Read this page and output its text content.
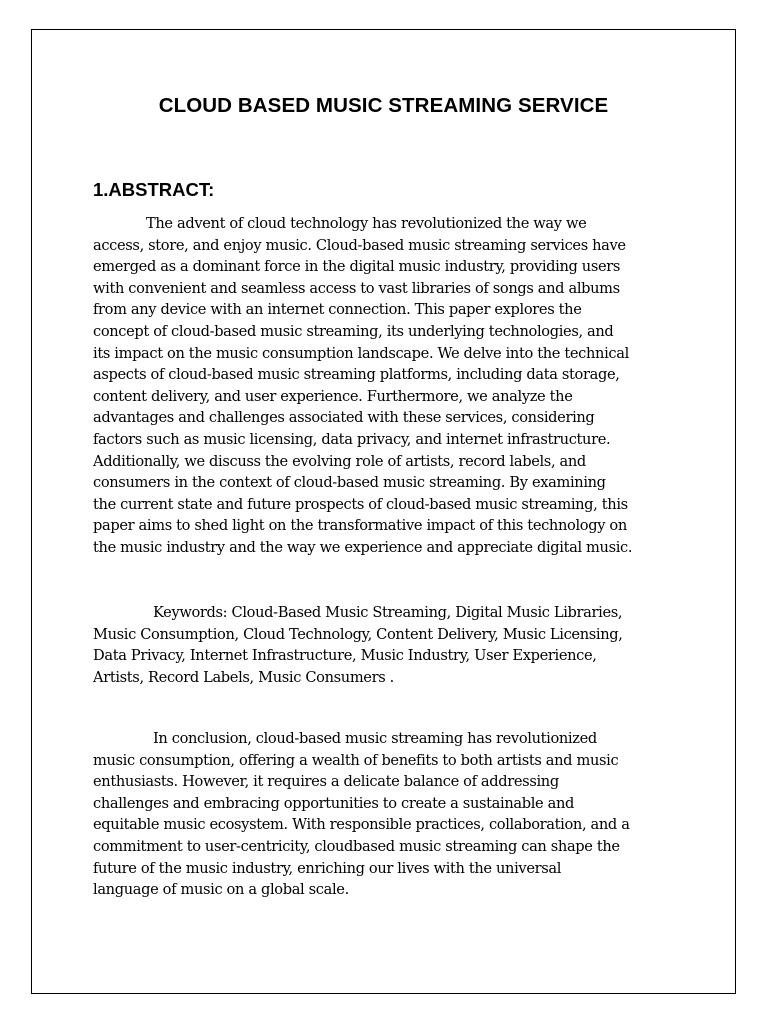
CLOUD BASED MUSIC STREAMING SERVICE
1.ABSTRACT:

The advent of cloud technology has revolutionized the way we
access, store, and enjoy music. Cloud-based music streaming services have
emerged as a dominant force in the digital music industry, providing users
with convenient and seamless access to vast libraries of songs and albums
from any device with an internet connection. This paper explores the
concept of cloud-based music streaming, its underlying technologies, and
its impact on the music consumption landscape. We delve into the technical
aspects of cloud-based music streaming platforms, including data storage,
content delivery, and user experience. Furthermore, we analyze the
advantages and challenges associated with these services, considering
factors such as music licensing, data privacy, and internet infrastructure.
Additionally, we discuss the evolving role of artists, record labels, and
consumers in the context of cloud-based music streaming. By examining
the current state and future prospects of cloud-based music streaming, this
paper aims to shed light on the transformative impact of this technology on
the music industry and the way we experience and appreciate digital music.

Keywords: Cloud-Based Music Streaming, Digital Music Libraries,
Music Consumption, Cloud Technology, Content Delivery, Music Licensing,
Data Privacy, Internet Infrastructure, Music Industry, User Experience,
Artists, Record Labels, Music Consumers .

In conclusion, cloud-based music streaming has revolutionized
music consumption, offering a wealth of benefits to both artists and music
enthusiasts. However, it requires a delicate balance of addressing
challenges and embracing opportunities to create a sustainable and
equitable music ecosystem. With responsible practices, collaboration, and a
commitment to user-centricity, cloudbased music streaming can shape the
future of the music industry, enriching our lives with the universal
language of music on a global scale.
